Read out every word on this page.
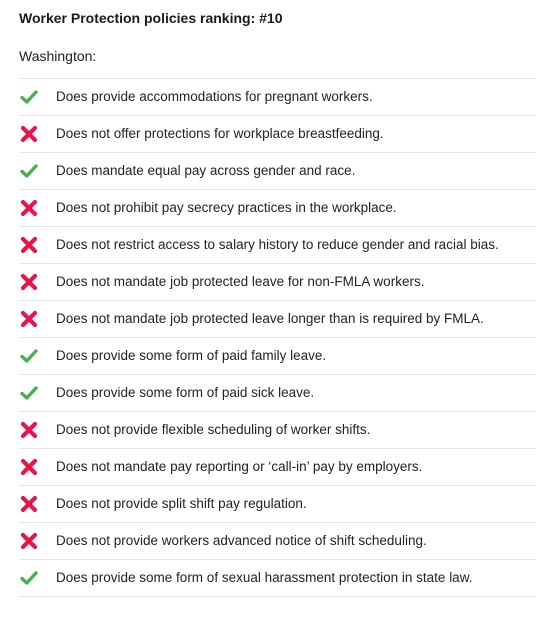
Worker Protection policies ranking: #10
Washington:
Does provide accommodations for pregnant workers.
Does not offer protections for workplace breastfeeding.
Does mandate equal pay across gender and race.
Does not prohibit pay secrecy practices in the workplace.
Does not restrict access to salary history to reduce gender and racial bias.
Does not mandate job protected leave for non-FMLA workers.
Does not mandate job protected leave longer than is required by FMLA.
Does provide some form of paid family leave.
Does provide some form of paid sick leave.
Does not provide flexible scheduling of worker shifts.
Does not mandate pay reporting or ‘call-in’ pay by employers.
Does not provide split shift pay regulation.
Does not provide workers advanced notice of shift scheduling.
Does provide some form of sexual harassment protection in state law.
